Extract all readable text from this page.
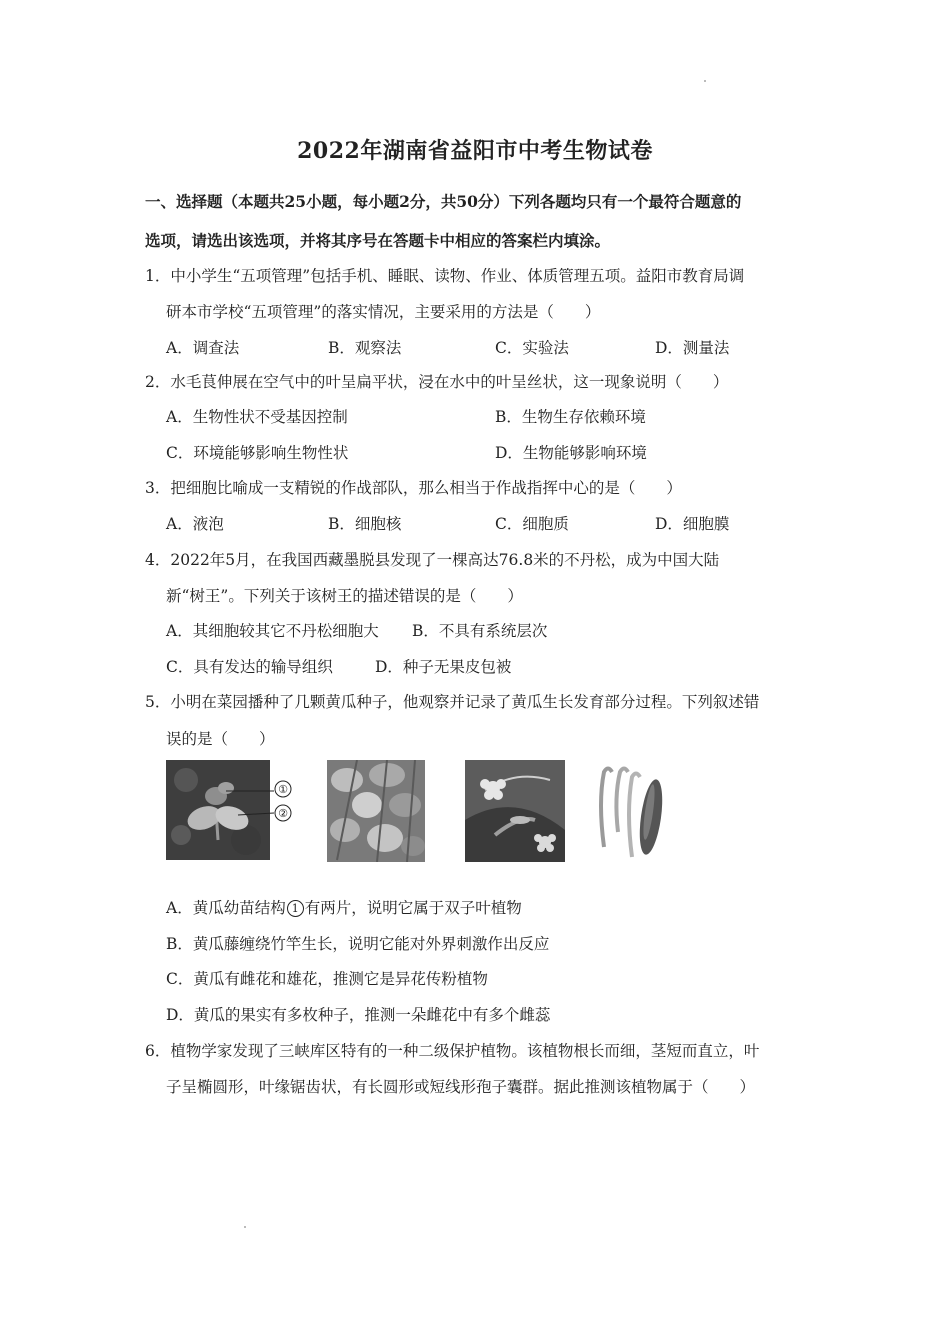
2022年湖南省益阳市中考生物试卷
一、选择题（本题共25小题，每小题2分，共50分）下列各题均只有一个最符合题意的
选项，请选出该选项，并将其序号在答题卡中相应的答案栏内填涂。
1．中小学生“五项管理”包括手机、睡眠、读物、作业、体质管理五项。益阳市教育局调
研本市学校“五项管理”的落实情况，主要采用的方法是（　　）
A．调查法	B．观察法	C．实验法	D．测量法
2．水毛茛伸展在空气中的叶呈扁平状，浸在水中的叶呈丝状，这一现象说明（　　）
A．生物性状不受基因控制	B．生物生存依赖环境
C．环境能够影响生物性状	D．生物能够影响环境
3．把细胞比喻成一支精锐的作战部队，那么相当于作战指挥中心的是（　　）
A．液泡	B．细胞核	C．细胞质	D．细胞膜
4．2022年5月，在我国西藏墨脱县发现了一棵高达76.8米的不丹松，成为中国大陆
新“树王”。下列关于该树王的描述错误的是（　　）
A．其细胞较其它不丹松细胞大 B．不具有系统层次
C．具有发达的输导组织	D．种子无果皮包被
5．小明在菜园播种了几颗黄瓜种子，他观察并记录了黄瓜生长发育部分过程。下列叙述错
误的是（　　）
①
②
A．黄瓜幼苗结构 1 有两片，说明它属于双子叶植物
B．黄瓜藤缠绕竹竿生长，说明它能对外界刺激作出反应
C．黄瓜有雌花和雄花，推测它是异花传粉植物
D．黄瓜的果实有多枚种子，推测一朵雌花中有多个雌蕊
6．植物学家发现了三峡库区特有的一种二级保护植物。该植物根长而细，茎短而直立，叶
子呈椭圆形，叶缘锯齿状，有长圆形或短线形孢子囊群。据此推测该植物属于（　　）
